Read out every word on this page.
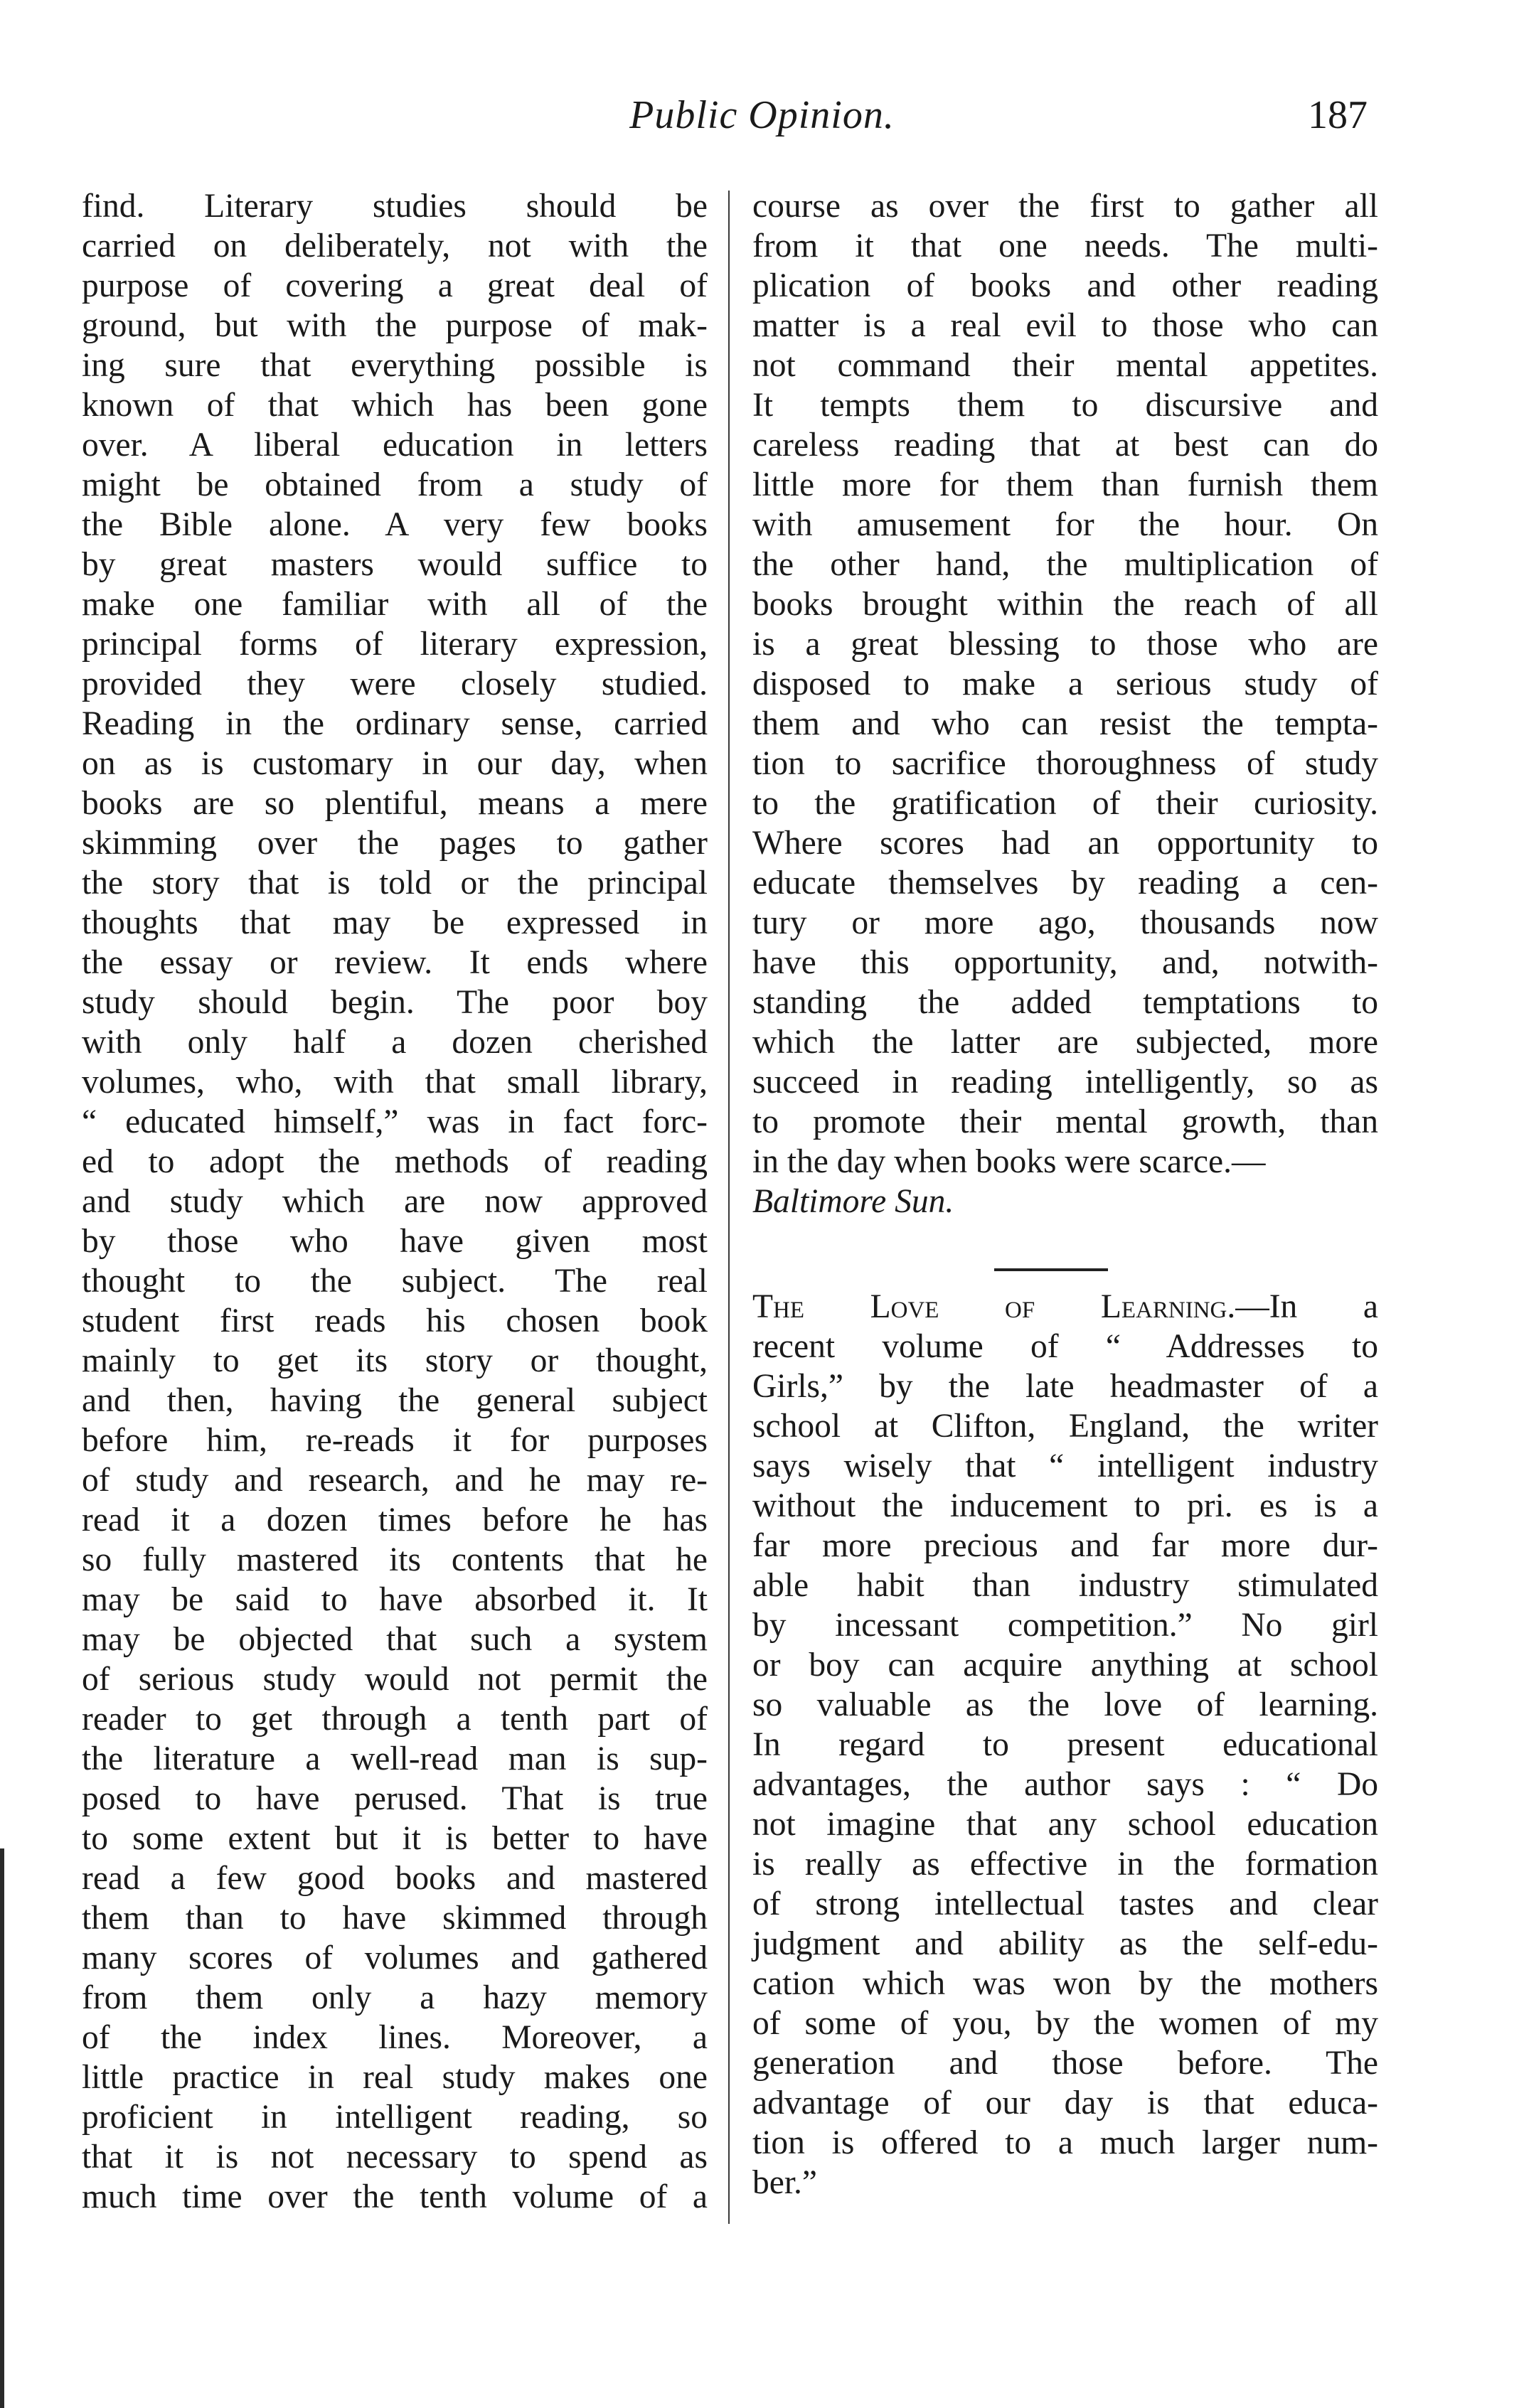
Public Opinion.	187
find. Literary studies should be
carried on deliberately, not with the
purpose of covering a great deal of
ground, but with the purpose of mak-
ing sure that everything possible is
known of that which has been gone
over. A liberal education in letters
might be obtained from a study of
the Bible alone. A very few books
by great masters would suffice to
make one familiar with all of the
principal forms of literary expression,
provided they were closely studied.
Reading in the ordinary sense, carried
on as is customary in our day, when
books are so plentiful, means a mere
skimming over the pages to gather
the story that is told or the principal
thoughts that may be expressed in
the essay or review. It ends where
study should begin. The poor boy
with only half a dozen cherished
volumes, who, with that small library,
“ educated himself,” was in fact forc-
ed to adopt the methods of reading
and study which are now approved
by those who have given most
thought to the subject. The real
student first reads his chosen book
mainly to get its story or thought,
and then, having the general subject
before him, re-reads it for purposes
of study and research, and he may re-
read it a dozen times before he has
so fully mastered its contents that he
may be said to have absorbed it. It
may be objected that such a system
of serious study would not permit the
reader to get through a tenth part of
the literature a well-read man is sup-
posed to have perused. That is true
to some extent but it is better to have
read a few good books and mastered
them than to have skimmed through
many scores of volumes and gathered
from them only a hazy memory
of the index lines. Moreover, a
little practice in real study makes one
proficient in intelligent reading, so
that it is not necessary to spend as
much time over the tenth volume of a
course as over the first to gather all
from it that one needs. The multi-
plication of books and other reading
matter is a real evil to those who can
not command their mental appetites.
It tempts them to discursive and
careless reading that at best can do
little more for them than furnish them
with amusement for the hour. On
the other hand, the multiplication of
books brought within the reach of all
is a great blessing to those who are
disposed to make a serious study of
them and who can resist the tempta-
tion to sacrifice thoroughness of study
to the gratification of their curiosity.
Where scores had an opportunity to
educate themselves by reading a cen-
tury or more ago, thousands now
have this opportunity, and, notwith-
standing the added temptations to
which the latter are subjected, more
succeed in reading intelligently, so as
to promote their mental growth, than
in the day when books were scarce.—
Baltimore Sun.
The Love of Learning.—In a
recent volume of “ Addresses to
Girls,” by the late headmaster of a
school at Clifton, England, the writer
says wisely that “ intelligent industry
without the inducement to pri. es is a
far more precious and far more dur-
able habit than industry stimulated
by incessant competition.” No girl
or boy can acquire anything at school
so valuable as the love of learning.
In regard to present educational
advantages, the author says : “ Do
not imagine that any school education
is really as effective in the formation
of strong intellectual tastes and clear
judgment and ability as the self-edu-
cation which was won by the mothers
of some of you, by the women of my
generation and those before. The
advantage of our day is that educa-
tion is offered to a much larger num-
ber.”
